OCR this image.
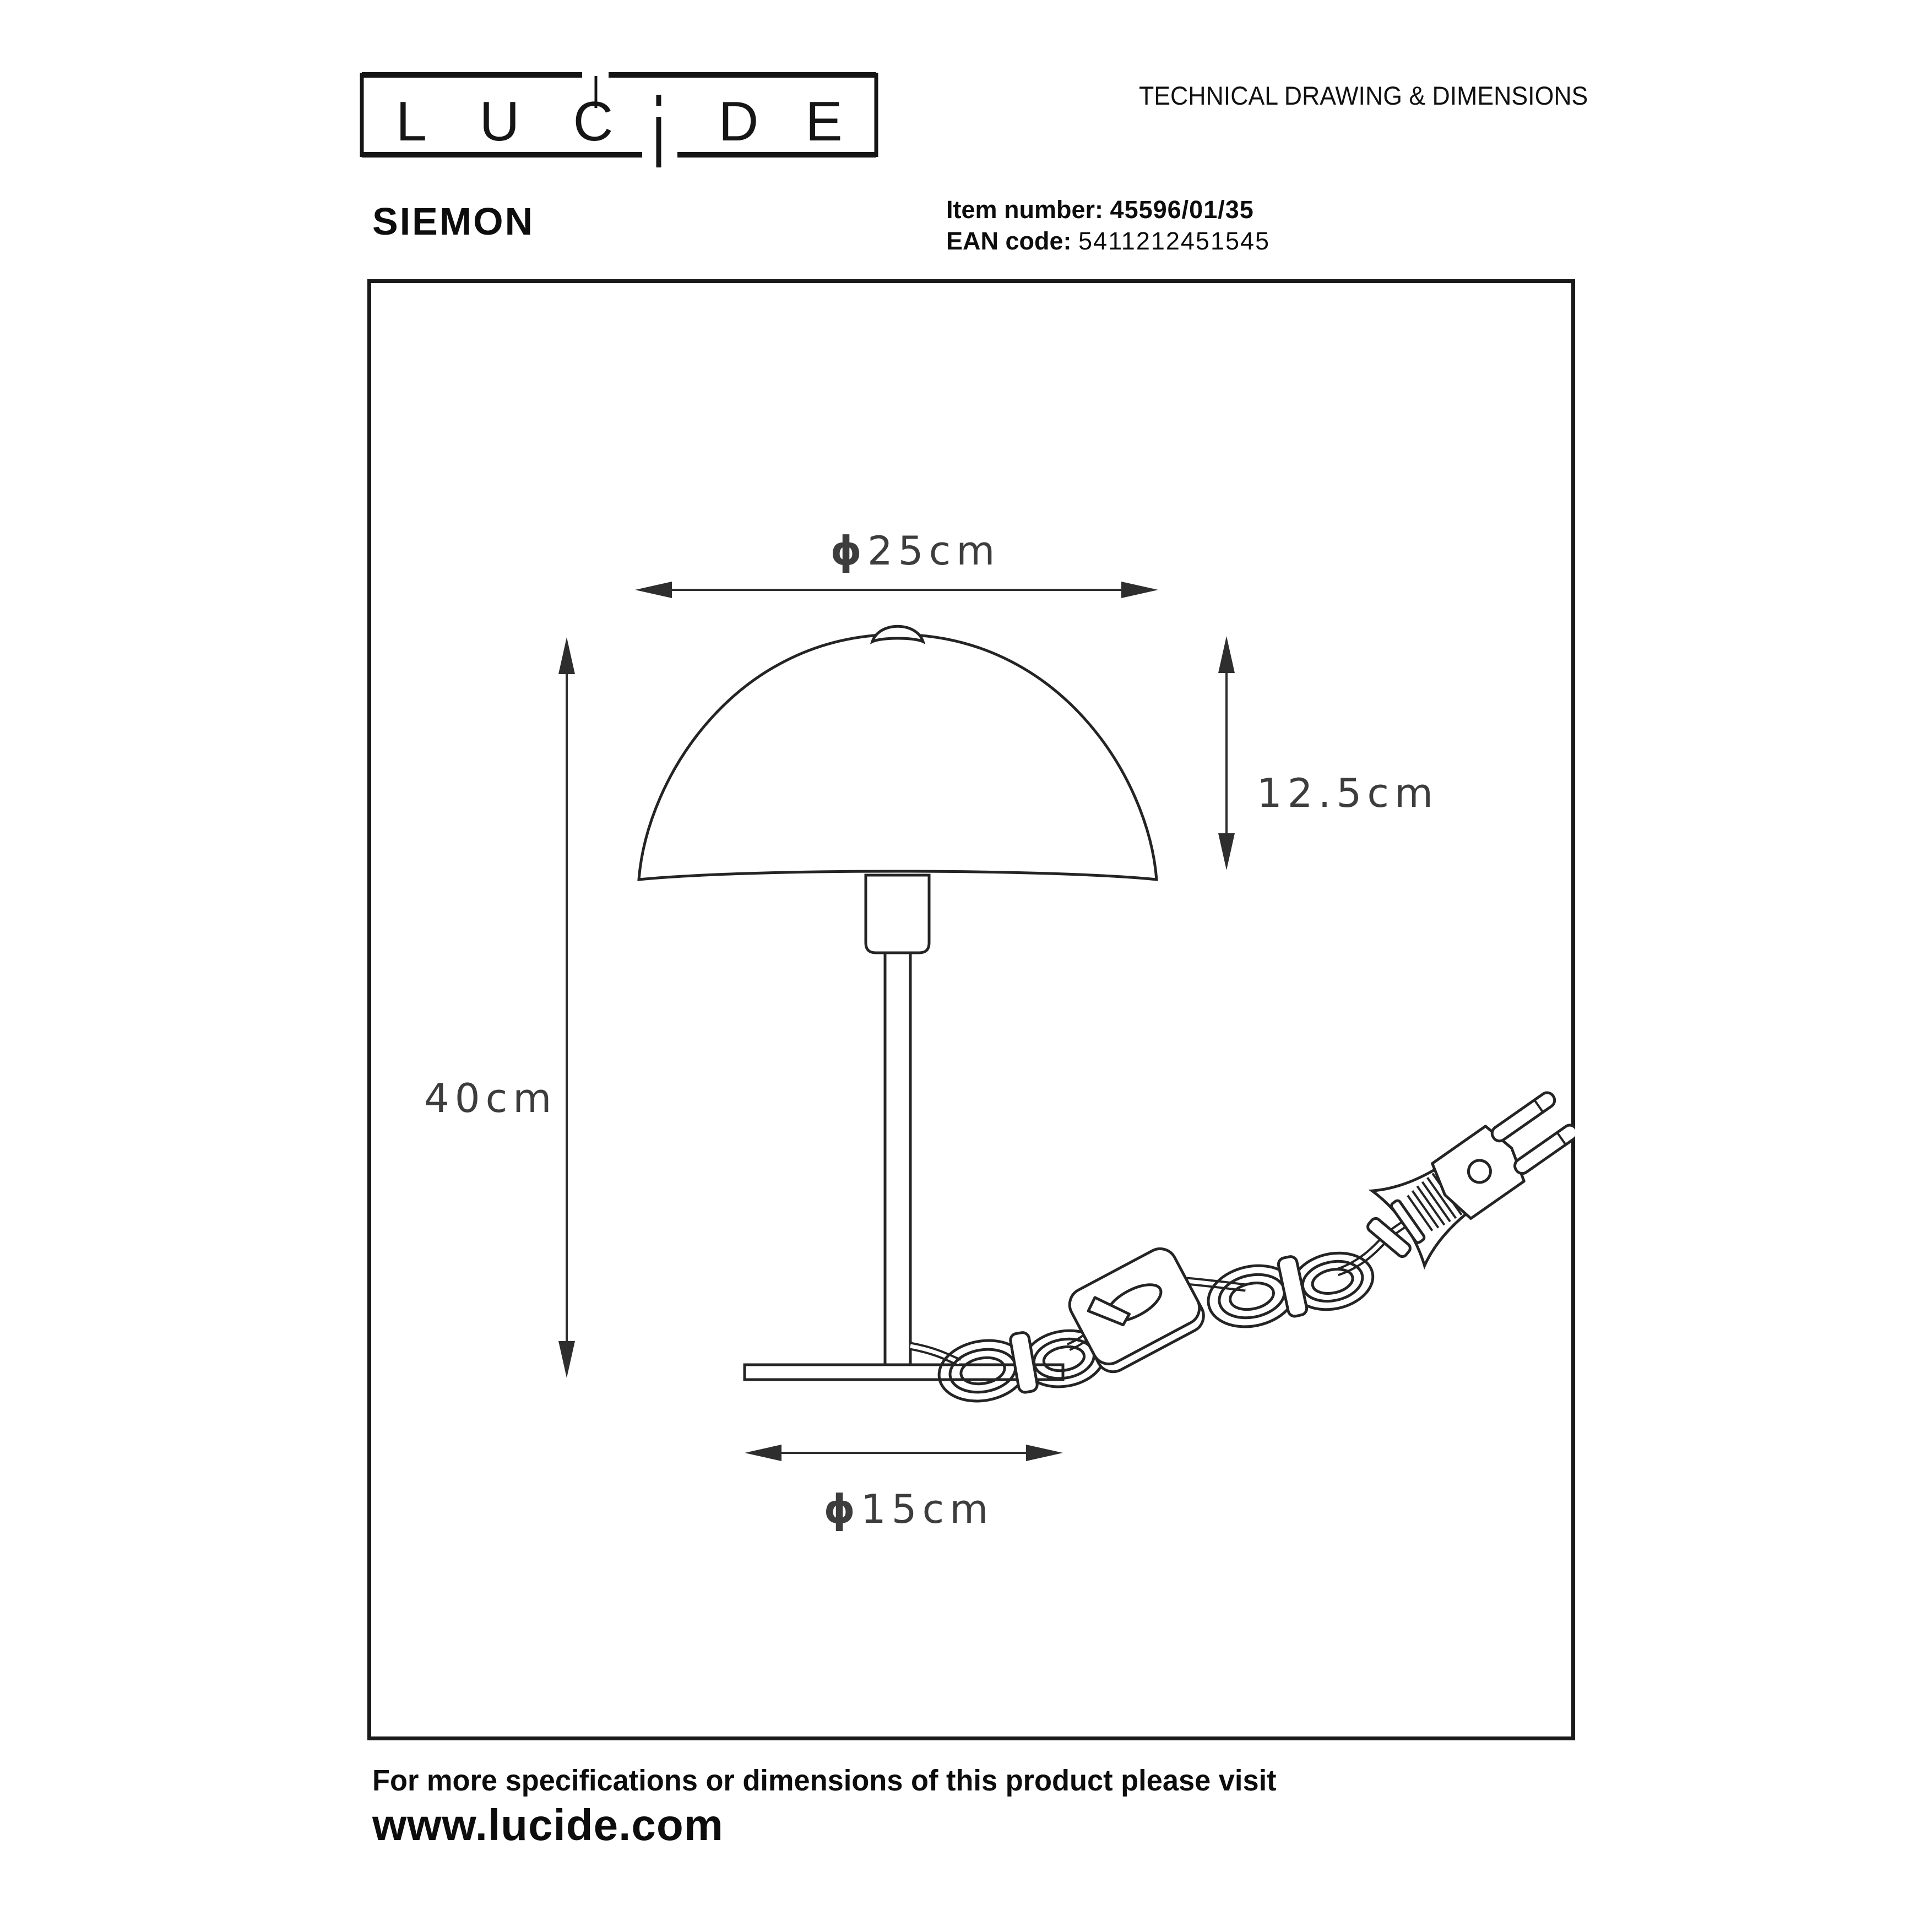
L U C D E	TECHNICAL DRAWING & DIMENSIONS
SIEMON	Item number: 45596/01/35
EAN code: 5411212451545
ϕ25cm
12.5cm
40cm
ϕ15cm
For more specifications or dimensions of this product please visit
www.lucide.com
